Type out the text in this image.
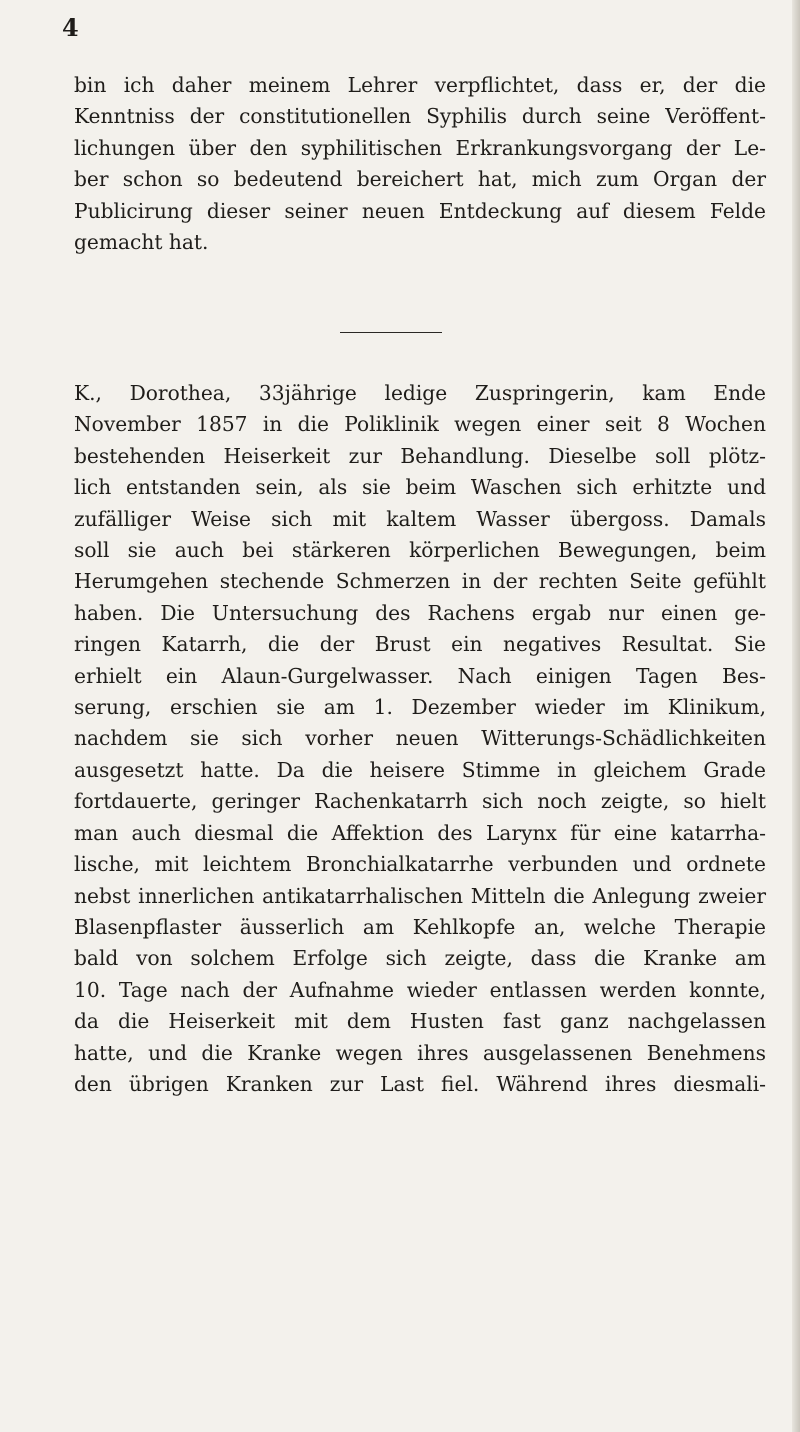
4

bin ich daher meinem Lehrer verpflichtet, dass er, der die
Kenntniss der constitutionellen Syphilis durch seine Veröffent-
lichungen über den syphilitischen Erkrankungsvorgang der Le-
ber schon so bedeutend bereichert hat, mich zum Organ der
Publicirung dieser seiner neuen Entdeckung auf diesem Felde
gemacht hat.

K., Dorothea, 33jährige ledige Zuspringerin, kam Ende
November 1857 in die Poliklinik wegen einer seit 8 Wochen
bestehenden Heiserkeit zur Behandlung. Dieselbe soll plötz-
lich entstanden sein, als sie beim Waschen sich erhitzte und
zufälliger Weise sich mit kaltem Wasser übergoss. Damals
soll sie auch bei stärkeren körperlichen Bewegungen, beim
Herumgehen stechende Schmerzen in der rechten Seite gefühlt
haben. Die Untersuchung des Rachens ergab nur einen ge-
ringen Katarrh, die der Brust ein negatives Resultat. Sie
erhielt ein Alaun-Gurgelwasser. Nach einigen Tagen Bes-
serung, erschien sie am 1. Dezember wieder im Klinikum,
nachdem sie sich vorher neuen Witterungs-Schädlichkeiten
ausgesetzt hatte. Da die heisere Stimme in gleichem Grade
fortdauerte, geringer Rachenkatarrh sich noch zeigte, so hielt
man auch diesmal die Affektion des Larynx für eine katarrha-
lische, mit leichtem Bronchialkatarrhe verbunden und ordnete
nebst innerlichen antikatarrhalischen Mitteln die Anlegung zweier
Blasenpflaster äusserlich am Kehlkopfe an, welche Therapie
bald von solchem Erfolge sich zeigte, dass die Kranke am
10. Tage nach der Aufnahme wieder entlassen werden konnte,
da die Heiserkeit mit dem Husten fast ganz nachgelassen
hatte, und die Kranke wegen ihres ausgelassenen Benehmens
den übrigen Kranken zur Last fiel. Während ihres diesmali-
